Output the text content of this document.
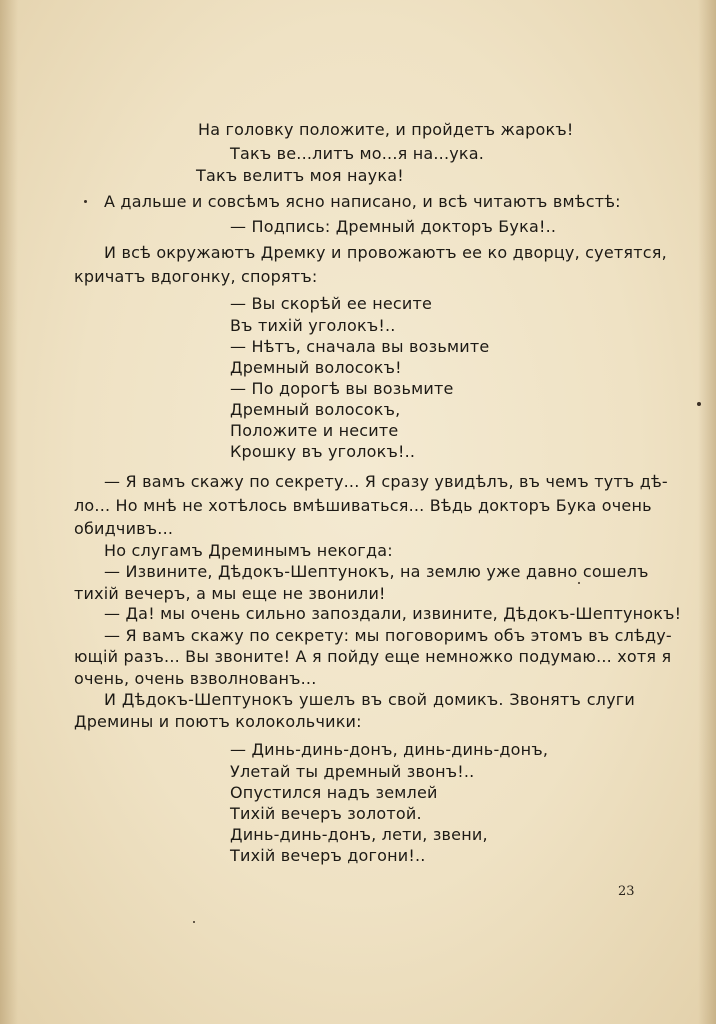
На головку положите, и пройдетъ жарокъ!
Такъ ве...литъ мо...я на...ука.
Такъ велитъ моя наука!
А дальше и совсѣмъ ясно написано, и всѣ читаютъ вмѣстѣ:
— Подпись: Дремный докторъ Бука!..
И всѣ окружаютъ Дремку и провожаютъ ее ко дворцу, суетятся,
кричатъ вдогонку, спорятъ:
— Вы скорѣй ее несите
Въ тихій уголокъ!..
— Нѣтъ, сначала вы возьмите
Дремный волосокъ!
— По дорогѣ вы возьмите
Дремный волосокъ,
Положите и несите
Крошку въ уголокъ!..
— Я вамъ скажу по секрету... Я сразу увидѣлъ, въ чемъ тутъ дѣ-
ло... Но мнѣ не хотѣлось вмѣшиваться... Вѣдь докторъ Бука очень
обидчивъ...
Но слугамъ Дреминымъ некогда:
— Извините, Дѣдокъ-Шептунокъ, на землю уже давно сошелъ
тихій вечеръ, а мы еще не звонили!
— Да! мы очень сильно запоздали, извините, Дѣдокъ-Шептунокъ!
— Я вамъ скажу по секрету: мы поговоримъ объ этомъ въ слѣду-
ющій разъ... Вы звоните! А я пойду еще немножко подумаю... хотя я
очень, очень взволнованъ...
И Дѣдокъ-Шептунокъ ушелъ въ свой домикъ. Звонятъ слуги
Дремины и поютъ колокольчики:
— Динь-динь-донъ, динь-динь-донъ,
Улетай ты дремный звонъ!..
Опустился надъ землей
Тихій вечеръ золотой.
Динь-динь-донъ, лети, звени,
Тихій вечеръ догони!..
23
